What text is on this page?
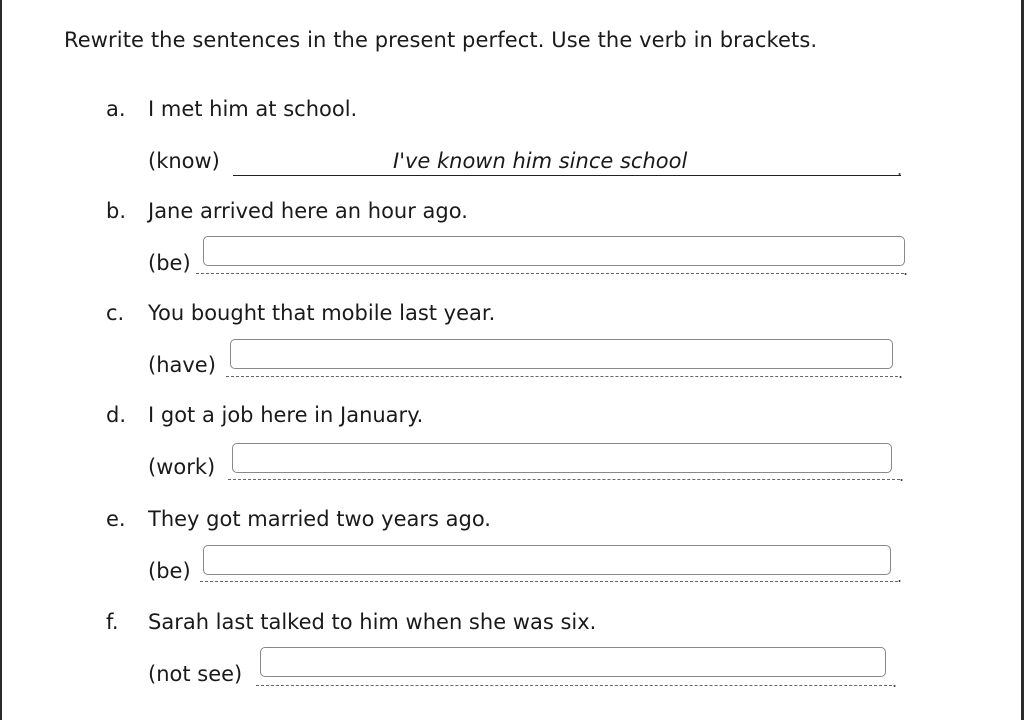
Rewrite the sentences in the present perfect. Use the verb in brackets.
a. I met him at school.
(know)	I've known him since school	.
b. Jane arrived here an hour ago.
(be)	.
c. You bought that mobile last year.
(have)	.
d. I got a job here in January.
(work)	.
e. They got married two years ago.
(be)	.
f. Sarah last talked to him when she was six.
(not see)	.
